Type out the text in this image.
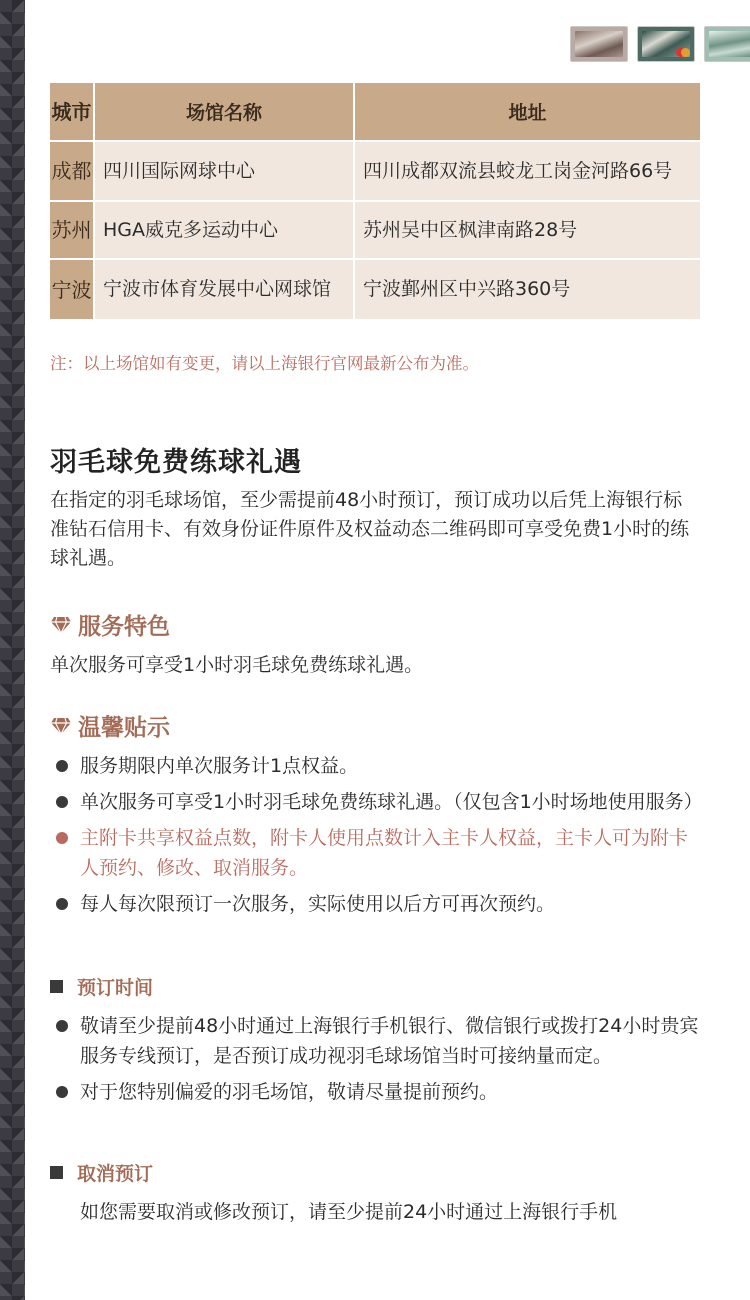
城市	场馆名称	地址
成都	四川国际网球中心	四川成都双流县蛟龙工岗金河路66号
苏州	HGA威克多运动中心	苏州吴中区枫津南路28号
宁波	宁波市体育发展中心网球馆	宁波鄞州区中兴路360号
注：以上场馆如有变更，请以上海银行官网最新公布为准。
羽毛球免费练球礼遇
在指定的羽毛球场馆，至少需提前48小时预订，预订成功以后凭上海银行标准钻石信用卡、有效身份证件原件及权益动态二维码即可享受免费1小时的练球礼遇。
服务特色
单次服务可享受1小时羽毛球免费练球礼遇。
温馨贴示
服务期限内单次服务计1点权益。
单次服务可享受1小时羽毛球免费练球礼遇。（仅包含1小时场地使用服务）
主附卡共享权益点数，附卡人使用点数计入主卡人权益，主卡人可为附卡人预约、修改、取消服务。
每人每次限预订一次服务，实际使用以后方可再次预约。
预订时间
敬请至少提前48小时通过上海银行手机银行、微信银行或拨打24小时贵宾服务专线预订，是否预订成功视羽毛球场馆当时可接纳量而定。
对于您特别偏爱的羽毛场馆，敬请尽量提前预约。
取消预订
如您需要取消或修改预订，请至少提前24小时通过上海银行手机
